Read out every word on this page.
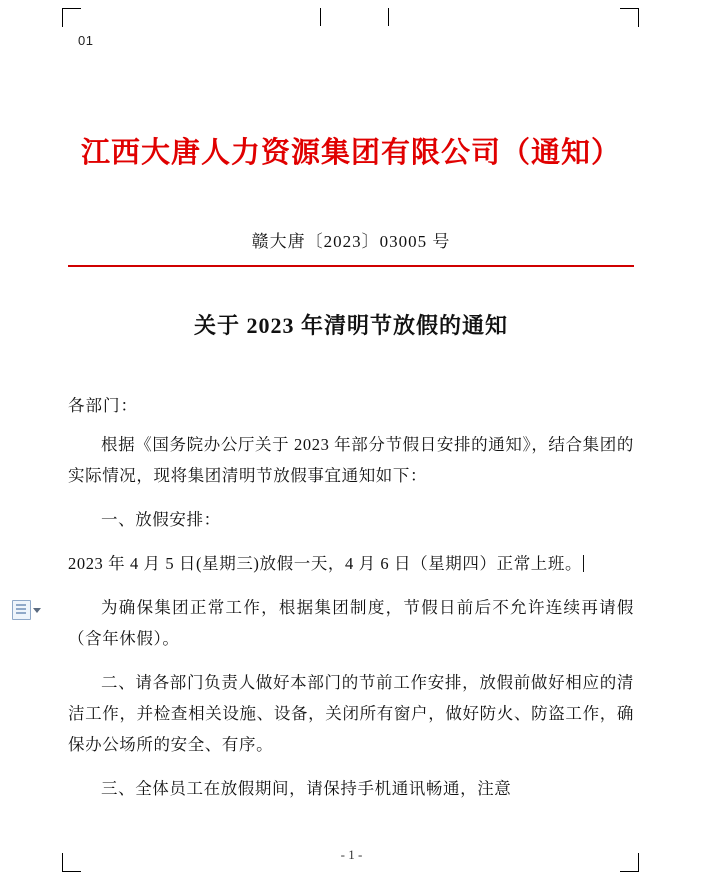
01
江西大唐人力资源集团有限公司（通知）
赣大唐〔2023〕03005 号
关于 2023 年清明节放假的通知
各部门：

根据《国务院办公厅关于 2023 年部分节假日安排的通知》，结合集团的实际情况，现将集团清明节放假事宜通知如下：

一、放假安排：

2023 年 4 月 5 日(星期三)放假一天，4 月 6 日（星期四）正常上班。

为确保集团正常工作，根据集团制度，节假日前后不允许连续再请假（含年休假）。

二、请各部门负责人做好本部门的节前工作安排，放假前做好相应的清洁工作，并检查相关设施、设备，关闭所有窗户，做好防火、防盗工作，确保办公场所的安全、有序。

三、全体员工在放假期间，请保持手机通讯畅通，注意

- 1 -
